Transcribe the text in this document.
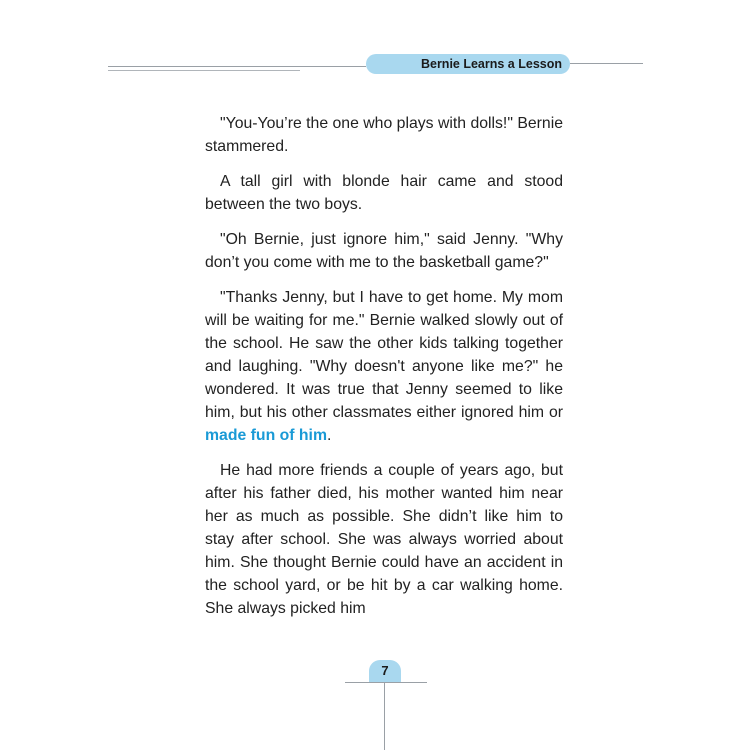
Bernie Learns a Lesson

"You-You’re the one who plays with dolls!" Bernie stammered.

A tall girl with blonde hair came and stood between the two boys.

"Oh Bernie, just ignore him," said Jenny. "Why don’t you come with me to the basketball game?"

"Thanks Jenny, but I have to get home. My mom will be waiting for me." Bernie walked slowly out of the school. He saw the other kids talking together and laughing. "Why doesn't anyone like me?" he wondered. It was true that Jenny seemed to like him, but his other classmates either ignored him or made fun of him.

He had more friends a couple of years ago, but after his father died, his mother wanted him near her as much as possible. She didn’t like him to stay after school. She was always worried about him. She thought Bernie could have an accident in the school yard, or be hit by a car walking home. She always picked him

7
